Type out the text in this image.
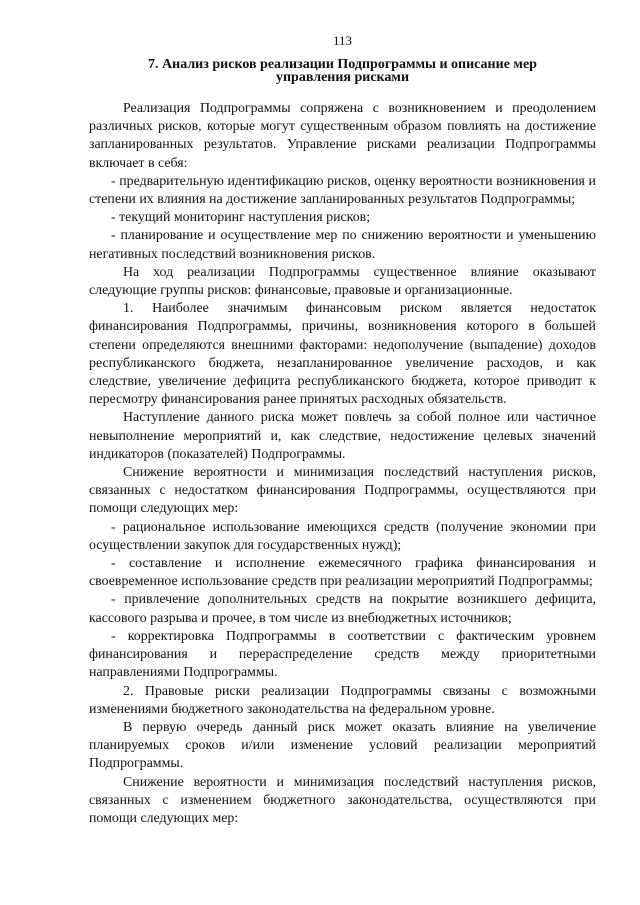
113
7. Анализ рисков реализации Подпрограммы и описание мер
управления рисками

Реализация Подпрограммы сопряжена с возникновением и преодолением различных рисков, которые могут существенным образом повлиять на достижение запланированных результатов. Управление рисками реализации Подпрограммы включает в себя:

- предварительную идентификацию рисков, оценку вероятности возникновения и степени их влияния на достижение запланированных результатов Подпрограммы;

- текущий мониторинг наступления рисков;

- планирование и осуществление мер по снижению вероятности и уменьшению негативных последствий возникновения рисков.

На ход реализации Подпрограммы существенное влияние оказывают следующие группы рисков: финансовые, правовые и организационные.

1. Наиболее значимым финансовым риском является недостаток финансирования Подпрограммы, причины, возникновения которого в большей степени определяются внешними факторами: недополучение (выпадение) доходов республиканского бюджета, незапланированное увеличение расходов, и как следствие, увеличение дефицита республиканского бюджета, которое приводит к пересмотру финансирования ранее принятых расходных обязательств.

Наступление данного риска может повлечь за собой полное или частичное невыполнение мероприятий и, как следствие, недостижение целевых значений индикаторов (показателей) Подпрограммы.

Снижение вероятности и минимизация последствий наступления рисков, связанных с недостатком финансирования Подпрограммы, осуществляются при помощи следующих мер:

- рациональное использование имеющихся средств (получение экономии при осуществлении закупок для государственных нужд);

- составление и исполнение ежемесячного графика финансирования и своевременное использование средств при реализации мероприятий Подпрограммы;

- привлечение дополнительных средств на покрытие возникшего дефицита, кассового разрыва и прочее, в том числе из внебюджетных источников;

- корректировка Подпрограммы в соответствии с фактическим уровнем финансирования и перераспределение средств между приоритетными направлениями Подпрограммы.

2. Правовые риски реализации Подпрограммы связаны с возможными изменениями бюджетного законодательства на федеральном уровне.

В первую очередь данный риск может оказать влияние на увеличение планируемых сроков и/или изменение условий реализации мероприятий Подпрограммы.

Снижение вероятности и минимизация последствий наступления рисков, связанных с изменением бюджетного законодательства, осуществляются при помощи следующих мер:
